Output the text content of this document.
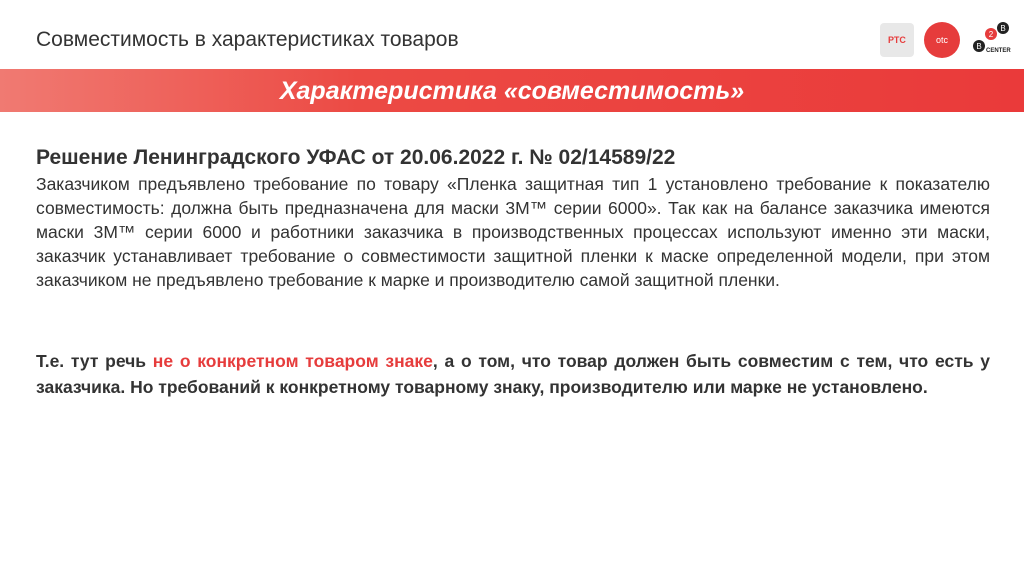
Совместимость в характеристиках товаров	РТС	otc
B
2
B
CENTER
Характеристика «совместимость»
Решение Ленинградского УФАС от 20.06.2022 г. № 02/14589/22

Заказчиком предъявлено требование по товару «Пленка защитная тип 1 установлено требование к показателю совместимость: должна быть предназначена для маски 3М™ серии 6000». Так как на балансе заказчика имеются маски 3М™ серии 6000 и работники заказчика в производственных процессах используют именно эти маски, заказчик устанавливает требование о совместимости защитной пленки к маске определенной модели, при этом заказчиком не предъявлено требование к марке и производителю самой защитной пленки.

Т.е. тут речь не о конкретном товаром знаке, а о том, что товар должен быть совместим с тем, что есть у заказчика. Но требований к конкретному товарному знаку, производителю или марке не установлено.
